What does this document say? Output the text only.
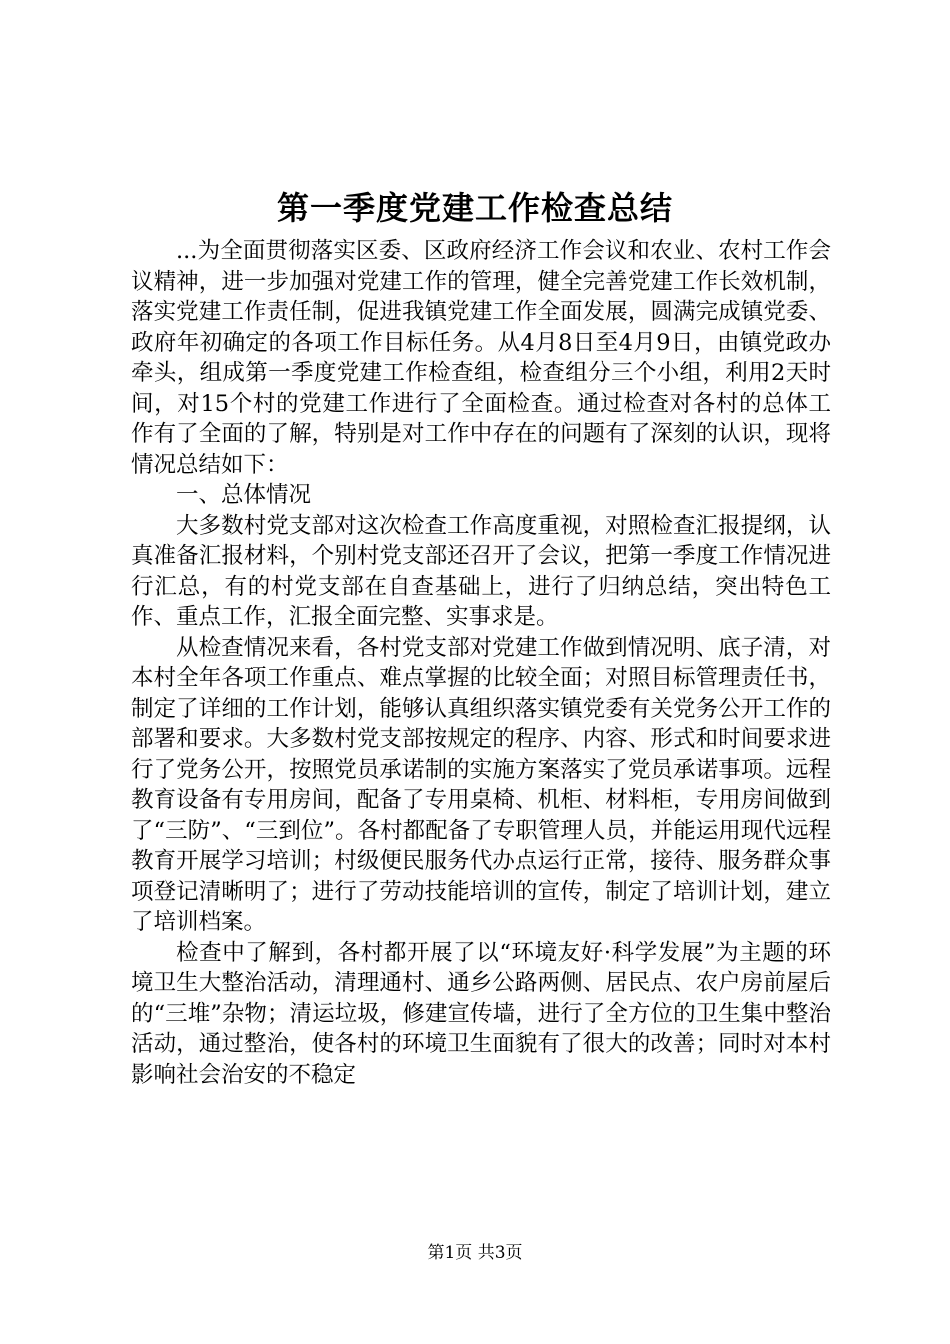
第一季度党建工作检查总结

...为全面贯彻落实区委、区政府经济工作会议和农业、农村工作会议精神，进一步加强对党建工作的管理，健全完善党建工作长效机制，落实党建工作责任制，促进我镇党建工作全面发展，圆满完成镇党委、政府年初确定的各项工作目标任务。从4月8日至4月9日，由镇党政办牵头，组成第一季度党建工作检查组，检查组分三个小组，利用2天时间，对15个村的党建工作进行了全面检查。通过检查对各村的总体工作有了全面的了解，特别是对工作中存在的问题有了深刻的认识，现将情况总结如下：

一、总体情况

大多数村党支部对这次检查工作高度重视，对照检查汇报提纲，认真准备汇报材料，个别村党支部还召开了会议，把第一季度工作情况进行汇总，有的村党支部在自查基础上，进行了归纳总结，突出特色工作、重点工作，汇报全面完整、实事求是。

从检查情况来看，各村党支部对党建工作做到情况明、底子清，对本村全年各项工作重点、难点掌握的比较全面；对照目标管理责任书，制定了详细的工作计划，能够认真组织落实镇党委有关党务公开工作的部署和要求。大多数村党支部按规定的程序、内容、形式和时间要求进行了党务公开，按照党员承诺制的实施方案落实了党员承诺事项。远程教育设备有专用房间，配备了专用桌椅、机柜、材料柜，专用房间做到了“三防”、“三到位”。各村都配备了专职管理人员，并能运用现代远程教育开展学习培训；村级便民服务代办点运行正常，接待、服务群众事项登记清晰明了；进行了劳动技能培训的宣传，制定了培训计划，建立了培训档案。

检查中了解到，各村都开展了以“环境友好·科学发展”为主题的环境卫生大整治活动，清理通村、通乡公路两侧、居民点、农户房前屋后的“三堆”杂物；清运垃圾，修建宣传墙，进行了全方位的卫生集中整治活动，通过整治，使各村的环境卫生面貌有了很大的改善；同时对本村影响社会治安的不稳定

第1页 共3页
